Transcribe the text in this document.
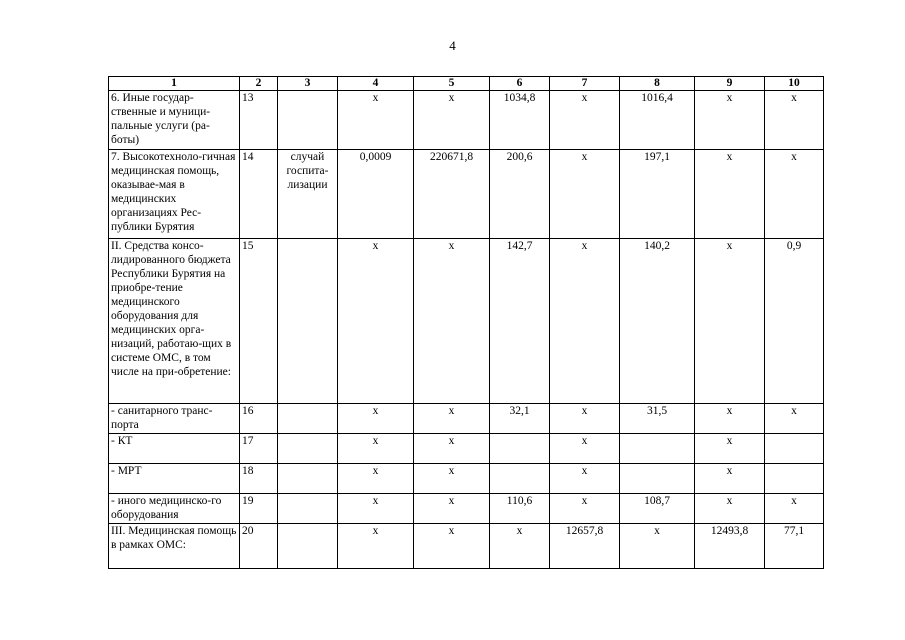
4
1	2	3	4	5	6	7	8	9	10
6. Иные государ-ственные и муници-пальные услуги (ра-боты)	13		х	х	1034,8	х	1016,4	х	х
7. Высокотехноло-гичная медицинская помощь, оказывае-мая в медицинских организациях Рес-публики Бурятия	14	случай госпита-лизации	0,0009	220671,8	200,6	х	197,1	х	х
II. Средства консо-лидированного бюджета Республики Бурятия на приобре-тение медицинского оборудования для медицинских орга-низаций, работаю-щих в системе ОМС, в том числе на при-обретение:	15		х	х	142,7	х	140,2	х	0,9
- санитарного транс-порта	16		х	х	32,1	х	31,5	х	х
- КТ	17		х	х		х		х	
- МРТ	18		х	х		х		х	
- иного медицинско-го оборудования	19		х	х	110,6	х	108,7	х	х
III. Медицинская помощь в рамках ОМС:	20		х	х	х	12657,8	х	12493,8	77,1
